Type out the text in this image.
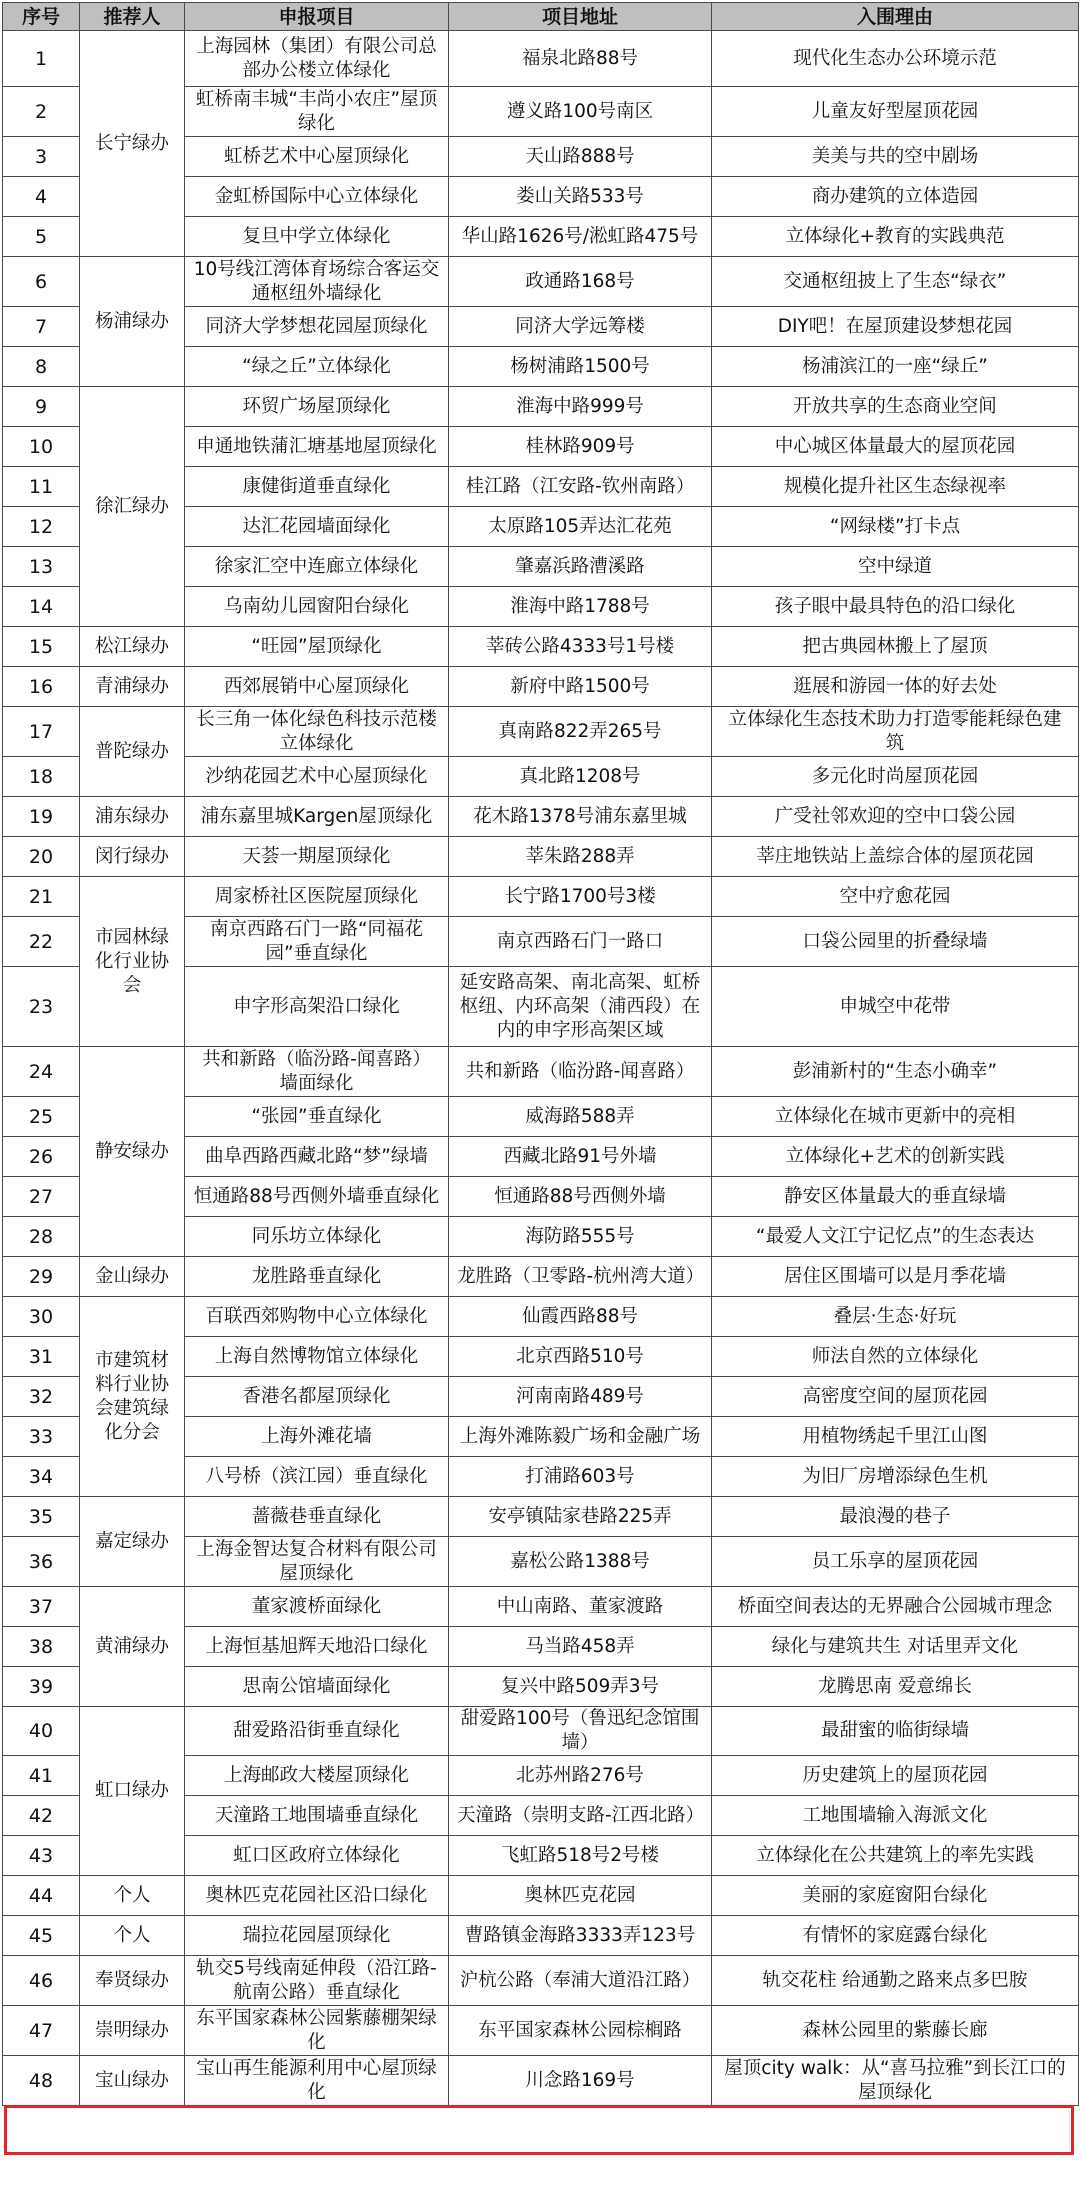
序号	推荐人	申报项目	项目地址	入围理由
1	长宁绿办	上海园林（集团）有限公司总部办公楼立体绿化	福泉北路88号	现代化生态办公环境示范
2		虹桥南丰城“丰尚小农庄”屋顶绿化	遵义路100号南区	儿童友好型屋顶花园
3		虹桥艺术中心屋顶绿化	天山路888号	美美与共的空中剧场
4		金虹桥国际中心立体绿化	娄山关路533号	商办建筑的立体造园
5		复旦中学立体绿化	华山路1626号/淞虹路475号	立体绿化+教育的实践典范
6	杨浦绿办	10号线江湾体育场综合客运交通枢纽外墙绿化	政通路168号	交通枢纽披上了生态“绿衣”
7		同济大学梦想花园屋顶绿化	同济大学远筹楼	DIY吧！在屋顶建设梦想花园
8		“绿之丘”立体绿化	杨树浦路1500号	杨浦滨江的一座“绿丘”
9	徐汇绿办	环贸广场屋顶绿化	淮海中路999号	开放共享的生态商业空间
10		申通地铁蒲汇塘基地屋顶绿化	桂林路909号	中心城区体量最大的屋顶花园
11		康健街道垂直绿化	桂江路（江安路-钦州南路）	规模化提升社区生态绿视率
12		达汇花园墙面绿化	太原路105弄达汇花苑	“网绿楼”打卡点
13		徐家汇空中连廊立体绿化	肇嘉浜路漕溪路	空中绿道
14		乌南幼儿园窗阳台绿化	淮海中路1788号	孩子眼中最具特色的沿口绿化
15	松江绿办	“旺园”屋顶绿化	莘砖公路4333号1号楼	把古典园林搬上了屋顶
16	青浦绿办	西郊展销中心屋顶绿化	新府中路1500号	逛展和游园一体的好去处
17	普陀绿办	长三角一体化绿色科技示范楼立体绿化	真南路822弄265号	立体绿化生态技术助力打造零能耗绿色建筑
18		沙纳花园艺术中心屋顶绿化	真北路1208号	多元化时尚屋顶花园
19	浦东绿办	浦东嘉里城Kargen屋顶绿化	花木路1378号浦东嘉里城	广受社邻欢迎的空中口袋公园
20	闵行绿办	天荟一期屋顶绿化	莘朱路288弄	莘庄地铁站上盖综合体的屋顶花园
21	市园林绿化行业协会	周家桥社区医院屋顶绿化	长宁路1700号3楼	空中疗愈花园
22		南京西路石门一路“同福花园”垂直绿化	南京西路石门一路口	口袋公园里的折叠绿墙
23		申字形高架沿口绿化	延安路高架、南北高架、虹桥枢纽、内环高架（浦西段）在内的申字形高架区域	申城空中花带
24	静安绿办	共和新路（临汾路-闻喜路）墙面绿化	共和新路（临汾路-闻喜路）	彭浦新村的“生态小确幸”
25		“张园”垂直绿化	威海路588弄	立体绿化在城市更新中的亮相
26		曲阜西路西藏北路“梦”绿墙	西藏北路91号外墙	立体绿化+艺术的创新实践
27		恒通路88号西侧外墙垂直绿化	恒通路88号西侧外墙	静安区体量最大的垂直绿墙
28		同乐坊立体绿化	海防路555号	“最爱人文江宁记忆点”的生态表达
29	金山绿办	龙胜路垂直绿化	龙胜路（卫零路-杭州湾大道）	居住区围墙可以是月季花墙
30	市建筑材料行业协会建筑绿化分会	百联西郊购物中心立体绿化	仙霞西路88号	叠层·生态·好玩
31		上海自然博物馆立体绿化	北京西路510号	师法自然的立体绿化
32		香港名都屋顶绿化	河南南路489号	高密度空间的屋顶花园
33		上海外滩花墙	上海外滩陈毅广场和金融广场	用植物绣起千里江山图
34		八号桥（滨江园）垂直绿化	打浦路603号	为旧厂房增添绿色生机
35	嘉定绿办	蔷薇巷垂直绿化	安亭镇陆家巷路225弄	最浪漫的巷子
36		上海金智达复合材料有限公司屋顶绿化	嘉松公路1388号	员工乐享的屋顶花园
37	黄浦绿办	董家渡桥面绿化	中山南路、董家渡路	桥面空间表达的无界融合公园城市理念
38		上海恒基旭辉天地沿口绿化	马当路458弄	绿化与建筑共生 对话里弄文化
39		思南公馆墙面绿化	复兴中路509弄3号	龙腾思南 爱意绵长
40	虹口绿办	甜爱路沿街垂直绿化	甜爱路100号（鲁迅纪念馆围墙）	最甜蜜的临街绿墙
41		上海邮政大楼屋顶绿化	北苏州路276号	历史建筑上的屋顶花园
42		天潼路工地围墙垂直绿化	天潼路（崇明支路-江西北路）	工地围墙输入海派文化
43		虹口区政府立体绿化	飞虹路518号2号楼	立体绿化在公共建筑上的率先实践
44	个人	奥林匹克花园社区沿口绿化	奥林匹克花园	美丽的家庭窗阳台绿化
45	个人	瑞拉花园屋顶绿化	曹路镇金海路3333弄123号	有情怀的家庭露台绿化
46	奉贤绿办	轨交5号线南延伸段（沿江路-航南公路）垂直绿化	沪杭公路（奉浦大道沿江路）	轨交花柱 给通勤之路来点多巴胺
47	崇明绿办	东平国家森林公园紫藤棚架绿化	东平国家森林公园棕榈路	森林公园里的紫藤长廊
48	宝山绿办	宝山再生能源利用中心屋顶绿化	川念路169号	屋顶city walk：从“喜马拉雅”到长江口的屋顶绿化
